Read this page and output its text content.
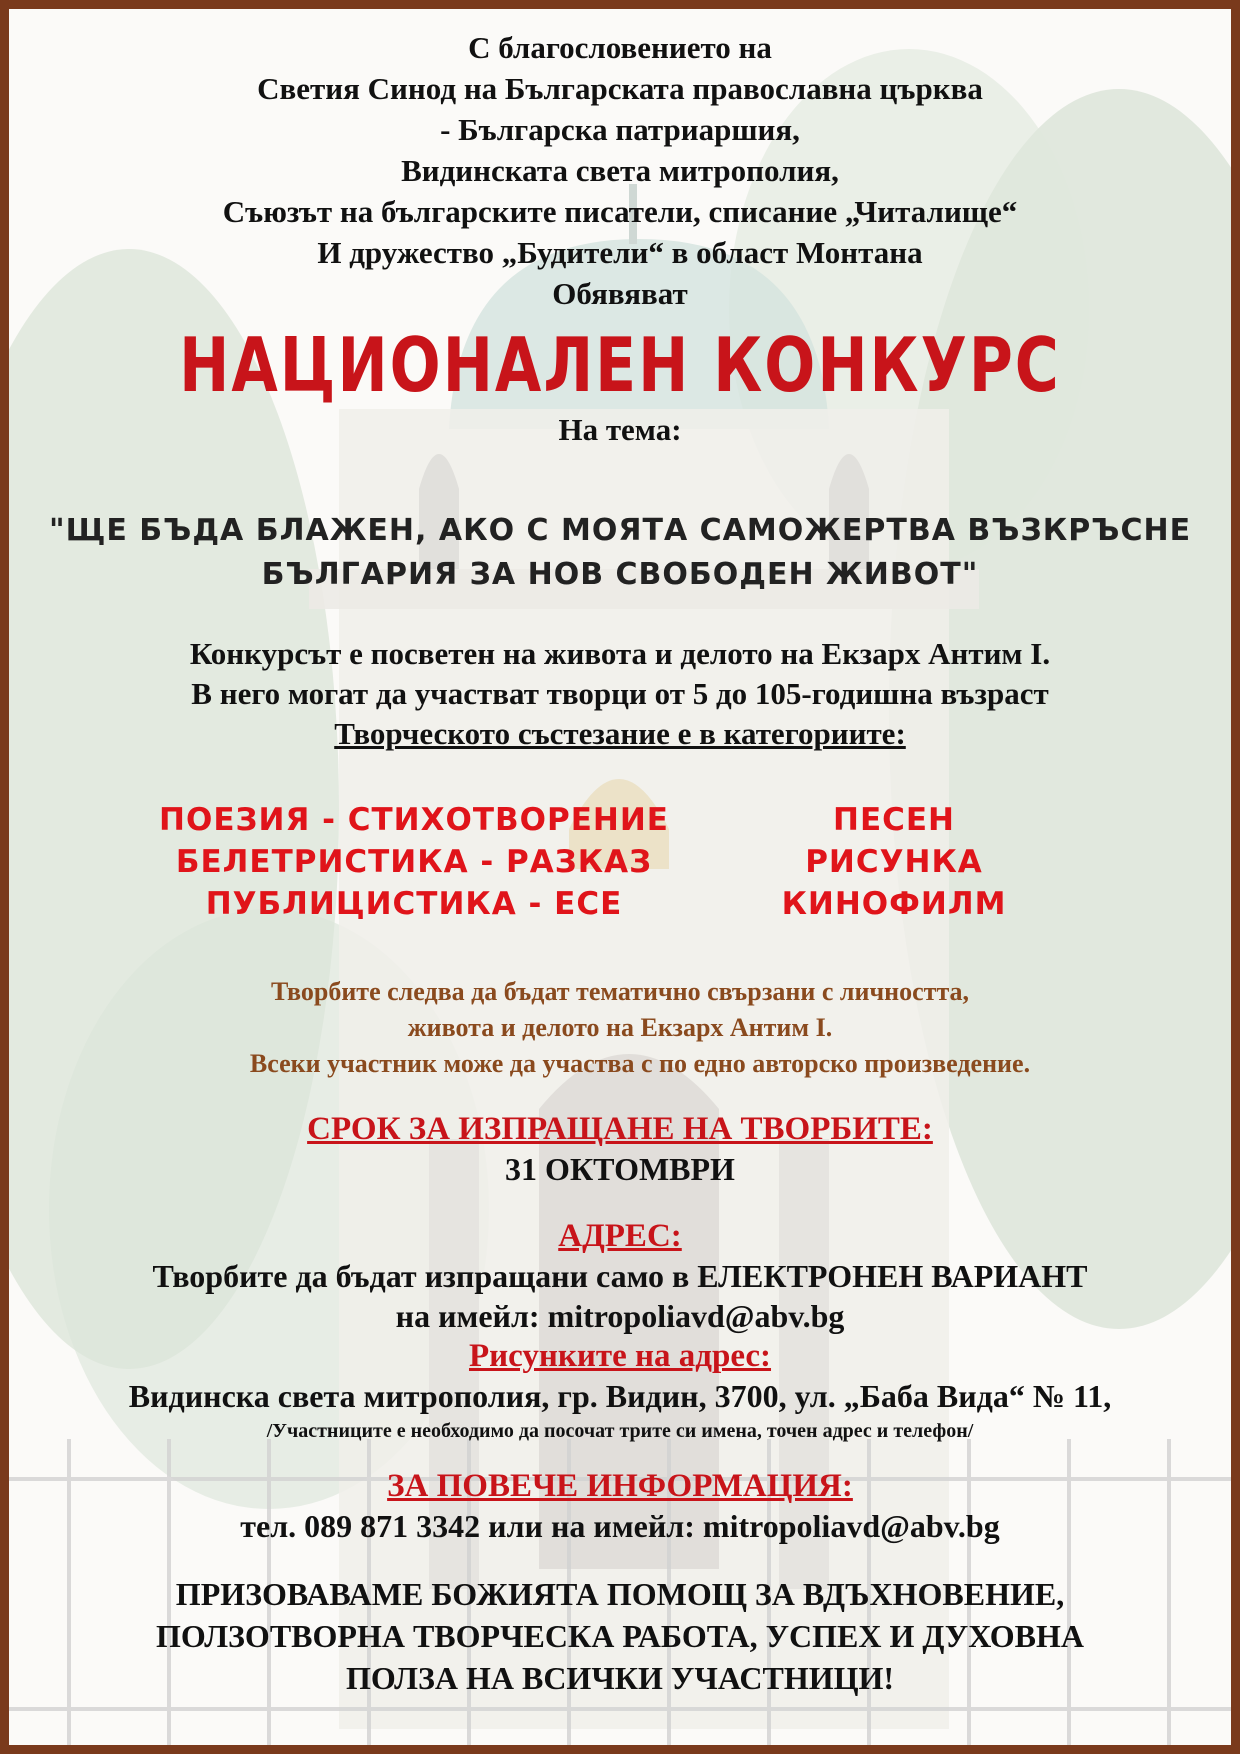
С благословението на

Светия Синод на Българската православна църква

- Българска патриаршия,

Видинската света митрополия,

Съюзът на българските писатели, списание „Читалище“

И дружество „Будители“ в област Монтана

Обявяват

НАЦИОНАЛЕН КОНКУРС
На тема:

"ЩЕ БЪДА БЛАЖЕН, АКО С МОЯТА САМОЖЕРТВА ВЪЗКРЪСНЕ

БЪЛГАРИЯ ЗА НОВ СВОБОДЕН ЖИВОТ"

Конкурсът е посветен на живота и делото на Екзарх Антим I.

В него могат да участват творци от 5 до 105-годишна възраст

Творческото състезание е в категориите:

ПОЕЗИЯ - СТИХОТВОРЕНИЕ

БЕЛЕТРИСТИКА - РАЗКАЗ

ПУБЛИЦИСТИКА - ЕСЕ

ПЕСЕН

РИСУНКА

КИНОФИЛМ

Творбите следва да бъдат тематично свързани с личността,

живота и делото на Екзарх Антим I.

Всеки участник може да участва с по едно авторско произведение.

СРОК ЗА ИЗПРАЩАНЕ НА ТВОРБИТЕ:

31 ОКТОМВРИ

АДРЕС:

Творбите да бъдат изпращани само в ЕЛЕКТРОНЕН ВАРИАНТ

на имейл: mitropoliavd@abv.bg

Рисунките на адрес:

Видинска света митрополия, гр. Видин, 3700, ул. „Баба Вида“ № 11,

/Участниците е необходимо да посочат трите си имена, точен адрес и телефон/

ЗА ПОВЕЧЕ ИНФОРМАЦИЯ:

тел. 089 871 3342 или на имейл: mitropoliavd@abv.bg

ПРИЗОВАВАМЕ БОЖИЯТА ПОМОЩ ЗА ВДЪХНОВЕНИЕ,

ПОЛЗОТВОРНА ТВОРЧЕСКА РАБОТА, УСПЕХ И ДУХОВНА

ПОЛЗА НА ВСИЧКИ УЧАСТНИЦИ!
